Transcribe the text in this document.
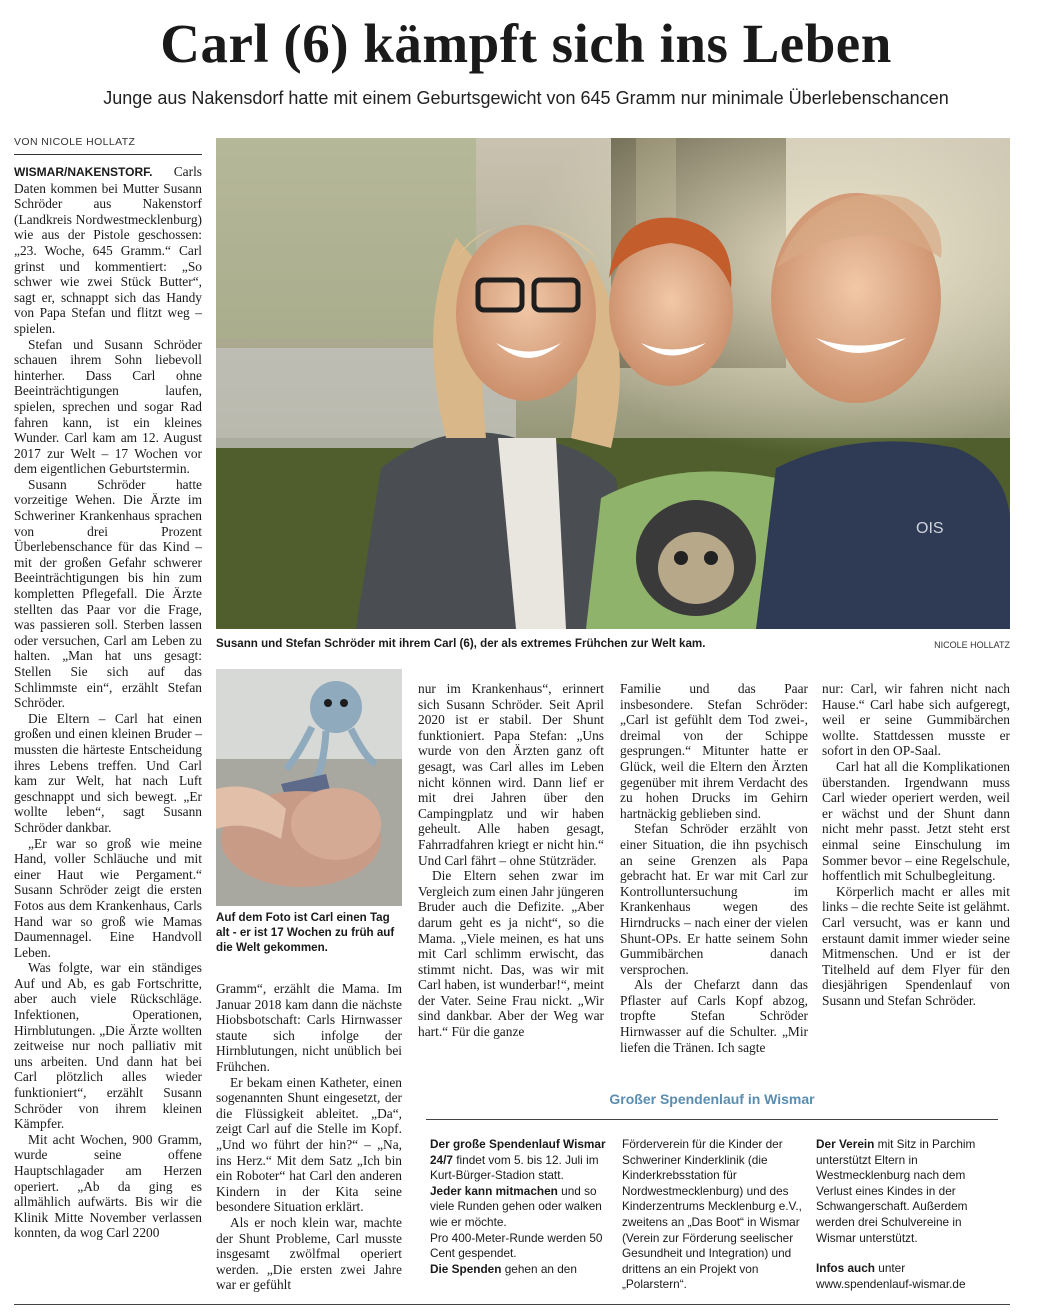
Carl (6) kämpft sich ins Leben
Junge aus Nakensdorf hatte mit einem Geburtsgewicht von 645 Gramm nur minimale Überlebenschancen
VON NICOLE HOLLATZ

WISMAR/NAKENSTORF. Carls Daten kommen bei Mutter Susann Schröder aus Nakenstorf (Landkreis Nordwestmecklenburg) wie aus der Pistole geschossen: „23. Woche, 645 Gramm.“ Carl grinst und kommentiert: „So schwer wie zwei Stück Butter“, sagt er, schnappt sich das Handy von Papa Stefan und flitzt weg – spielen.

Stefan und Susann Schröder schauen ihrem Sohn liebevoll hinterher. Dass Carl ohne Beeinträchtigungen laufen, spielen, sprechen und sogar Rad fahren kann, ist ein kleines Wunder. Carl kam am 12. August 2017 zur Welt – 17 Wochen vor dem eigentlichen Geburtstermin.

Susann Schröder hatte vorzeitige Wehen. Die Ärzte im Schweriner Krankenhaus sprachen von drei Prozent Überlebenschance für das Kind –mit der großen Gefahr schwerer Beeinträchtigungen bis hin zum kompletten Pflegefall. Die Ärzte stellten das Paar vor die Frage, was passieren soll. Sterben lassen oder versuchen, Carl am Leben zu halten. „Man hat uns gesagt: Stellen Sie sich auf das Schlimmste ein“, erzählt Stefan Schröder.

Die Eltern – Carl hat einen großen und einen kleinen Bruder – mussten die härteste Entscheidung ihres Lebens treffen. Und Carl kam zur Welt, hat nach Luft geschnappt und sich bewegt. „Er wollte leben“, sagt Susann Schröder dankbar.

„Er war so groß wie meine Hand, voller Schläuche und mit einer Haut wie Pergament.“ Susann Schröder zeigt die ersten Fotos aus dem Krankenhaus, Carls Hand war so groß wie Mamas Daumennagel. Eine Handvoll Leben.

Was folgte, war ein ständiges Auf und Ab, es gab Fortschritte, aber auch viele Rückschläge. Infektionen, Operationen, Hirnblutungen. „Die Ärzte wollten zeitweise nur noch palliativ mit uns arbeiten. Und dann hat bei Carl plötzlich alles wieder funktioniert“, erzählt Susann Schröder von ihrem kleinen Kämpfer.

Mit acht Wochen, 900 Gramm, wurde seine offene Hauptschlagader am Herzen operiert. „Ab da ging es allmählich aufwärts. Bis wir die Klinik Mitte November verlassen konnten, da wog Carl 2200

OIS
Susann und Stefan Schröder mit ihrem Carl (6), der als extremes Frühchen zur Welt kam.	NICOLE HOLLATZ
Auf dem Foto ist Carl einen Tag alt - er ist 17 Wochen zu früh auf die Welt gekommen.

Gramm“, erzählt die Mama. Im Januar 2018 kam dann die nächste Hiobsbotschaft: Carls Hirnwasser staute sich infolge der Hirnblutungen, nicht unüblich bei Frühchen.

Er bekam einen Katheter, einen sogenannten Shunt eingesetzt, der die Flüssigkeit ableitet. „Da“, zeigt Carl auf die Stelle im Kopf. „Und wo führt der hin?“ – „Na, ins Herz.“ Mit dem Satz „Ich bin ein Roboter“ hat Carl den anderen Kindern in der Kita seine besondere Situation erklärt.

Als er noch klein war, machte der Shunt Probleme, Carl musste insgesamt zwölfmal operiert werden. „Die ersten zwei Jahre war er gefühlt

nur im Krankenhaus“, erinnert sich Susann Schröder. Seit April 2020 ist er stabil. Der Shunt funktioniert. Papa Stefan: „Uns wurde von den Ärzten ganz oft gesagt, was Carl alles im Leben nicht können wird. Dann lief er mit drei Jahren über den Campingplatz und wir haben geheult. Alle haben gesagt, Fahrradfahren kriegt er nicht hin.“ Und Carl fährt – ohne Stützräder.

Die Eltern sehen zwar im Vergleich zum einen Jahr jüngeren Bruder auch die Defizite. „Aber darum geht es ja nicht“, so die Mama. „Viele meinen, es hat uns mit Carl schlimm erwischt, das stimmt nicht. Das, was wir mit Carl haben, ist wunderbar!“, meint der Vater. Seine Frau nickt. „Wir sind dankbar. Aber der Weg war hart.“ Für die ganze

Familie und das Paar insbesondere. Stefan Schröder: „Carl ist gefühlt dem Tod zwei-, dreimal von der Schippe gesprungen.“ Mitunter hatte er Glück, weil die Eltern den Ärzten gegenüber mit ihrem Verdacht des zu hohen Drucks im Gehirn hartnäckig geblieben sind.

Stefan Schröder erzählt von einer Situation, die ihn psychisch an seine Grenzen als Papa gebracht hat. Er war mit Carl zur Kontrolluntersuchung im Krankenhaus wegen des Hirndrucks – nach einer der vielen Shunt-OPs. Er hatte seinem Sohn Gummibärchen danach versprochen.

Als der Chefarzt dann das Pflaster auf Carls Kopf abzog, tropfte Stefan Schröder Hirnwasser auf die Schulter. „Mir liefen die Tränen. Ich sagte

nur: Carl, wir fahren nicht nach Hause.“ Carl habe sich aufgeregt, weil er seine Gummibärchen wollte. Stattdessen musste er sofort in den OP-Saal.

Carl hat all die Komplikationen überstanden. Irgendwann muss Carl wieder operiert werden, weil er wächst und der Shunt dann nicht mehr passt. Jetzt steht erst einmal seine Einschulung im Sommer bevor – eine Regelschule, hoffentlich mit Schulbegleitung.

Körperlich macht er alles mit links – die rechte Seite ist gelähmt. Carl versucht, was er kann und erstaunt damit immer wieder seine Mitmenschen. Und er ist der Titelheld auf dem Flyer für den diesjährigen Spendenlauf von Susann und Stefan Schröder.

Großer Spendenlauf in Wismar

Der große Spendenlauf Wismar 24/7 findet vom 5. bis 12. Juli im Kurt-Bürger-Stadion statt.

Jeder kann mitmachen und so viele Runden gehen oder walken wie er möchte.

Pro 400-Meter-Runde werden 50 Cent gespendet.

Die Spenden gehen an den

Förderverein für die Kinder der Schweriner Kinderklinik (die Kinderkrebsstation für Nordwestmecklenburg) und des Kinderzentrums Mecklenburg e.V., zweitens an „Das Boot“ in Wismar (Verein zur Förderung seelischer Gesundheit und Integration) und drittens an ein Projekt von „Polarstern“.

Der Verein mit Sitz in Parchim unterstützt Eltern in Westmecklenburg nach dem Verlust eines Kindes in der Schwangerschaft. Außerdem werden drei Schulvereine in Wismar unterstützt.

Infos auch unter

www.spendenlauf-wismar.de
